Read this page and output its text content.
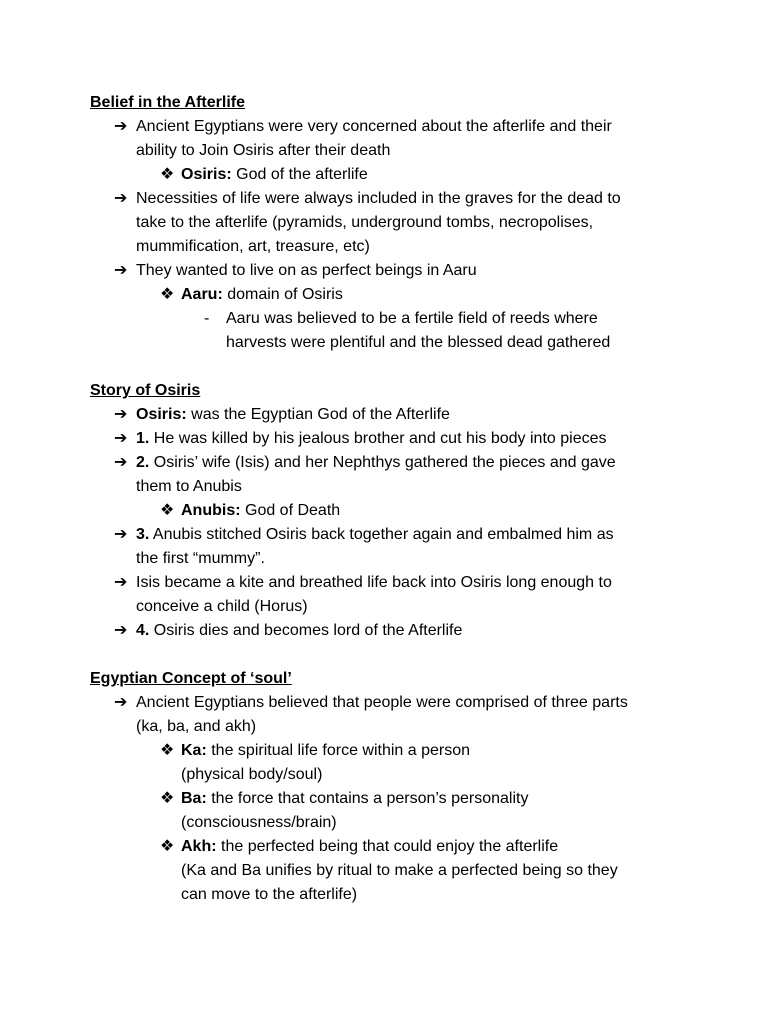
Belief in the Afterlife
➔ Ancient Egyptians were very concerned about the afterlife and their
ability to Join Osiris after their death
❖ Osiris: God of the afterlife
➔ Necessities of life were always included in the graves for the dead to
take to the afterlife (pyramids, underground tombs, necropolises,
mummification, art, treasure, etc)
➔ They wanted to live on as perfect beings in Aaru
❖ Aaru: domain of Osiris
- Aaru was believed to be a fertile field of reeds where
harvests were plentiful and the blessed dead gathered
Story of Osiris
➔ Osiris: was the Egyptian God of the Afterlife
➔ 1. He was killed by his jealous brother and cut his body into pieces
➔ 2. Osiris’ wife (Isis) and her Nephthys gathered the pieces and gave
them to Anubis
❖ Anubis: God of Death
➔ 3. Anubis stitched Osiris back together again and embalmed him as
the first “mummy”.
➔ Isis became a kite and breathed life back into Osiris long enough to
conceive a child (Horus)
➔ 4. Osiris dies and becomes lord of the Afterlife
Egyptian Concept of ‘soul’
➔ Ancient Egyptians believed that people were comprised of three parts
(ka, ba, and akh)
❖ Ka: the spiritual life force within a person
(physical body/soul)
❖ Ba: the force that contains a person’s personality
(consciousness/brain)
❖ Akh: the perfected being that could enjoy the afterlife
(Ka and Ba unifies by ritual to make a perfected being so they
can move to the afterlife)
